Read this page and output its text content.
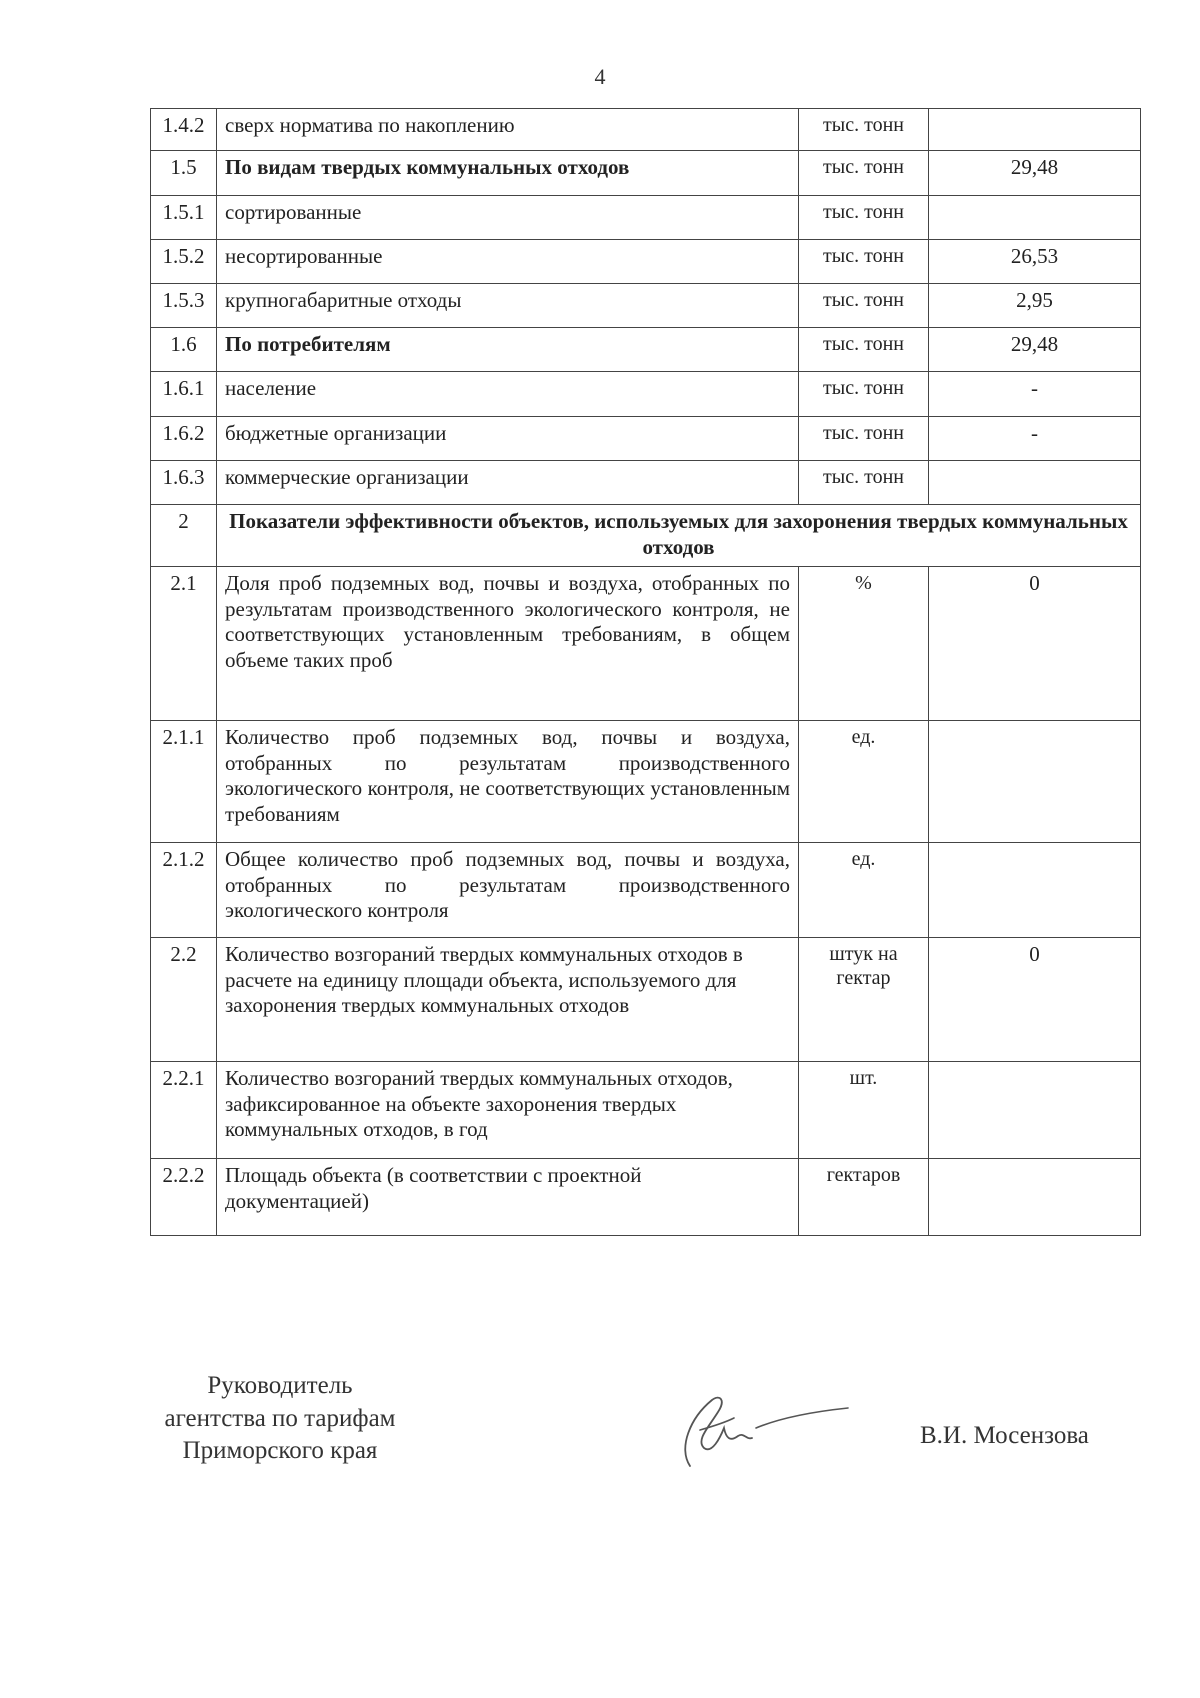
4
1.4.2	сверх норматива по накоплению	тыс. тонн	
1.5	По видам твердых коммунальных отходов	тыс. тонн	29,48
1.5.1	сортированные	тыс. тонн	
1.5.2	несортированные	тыс. тонн	26,53
1.5.3	крупногабаритные отходы	тыс. тонн	2,95
1.6	По потребителям	тыс. тонн	29,48
1.6.1	население	тыс. тонн	-
1.6.2	бюджетные организации	тыс. тонн	-
1.6.3	коммерческие организации	тыс. тонн	
2	Показатели эффективности объектов, используемых для захоронения твердых коммунальных отходов		
2.1	Доля проб подземных вод, почвы и воздуха, отобранных по результатам производственного экологического контроля, не соответствующих установленным требованиям, в общем объеме таких проб	%	0
2.1.1	Количество проб подземных вод, почвы и воздуха, отобранных по результатам производственного экологического контроля, не соответствующих установленным требованиям	ед.	
2.1.2	Общее количество проб подземных вод, почвы и воздуха, отобранных по результатам производственного экологического контроля	ед.	
2.2	Количество возгораний твердых коммунальных отходов в расчете на единицу площади объекта, используемого для захоронения твердых коммунальных отходов	штук на гектар	0
2.2.1	Количество возгораний твердых коммунальных отходов, зафиксированное на объекте захоронения твердых коммунальных отходов, в год	шт.	
2.2.2	Площадь объекта (в соответствии с проектной документацией)	гектаров	
Руководитель
агентства по тарифам
Приморского края
В.И. Мосензова
